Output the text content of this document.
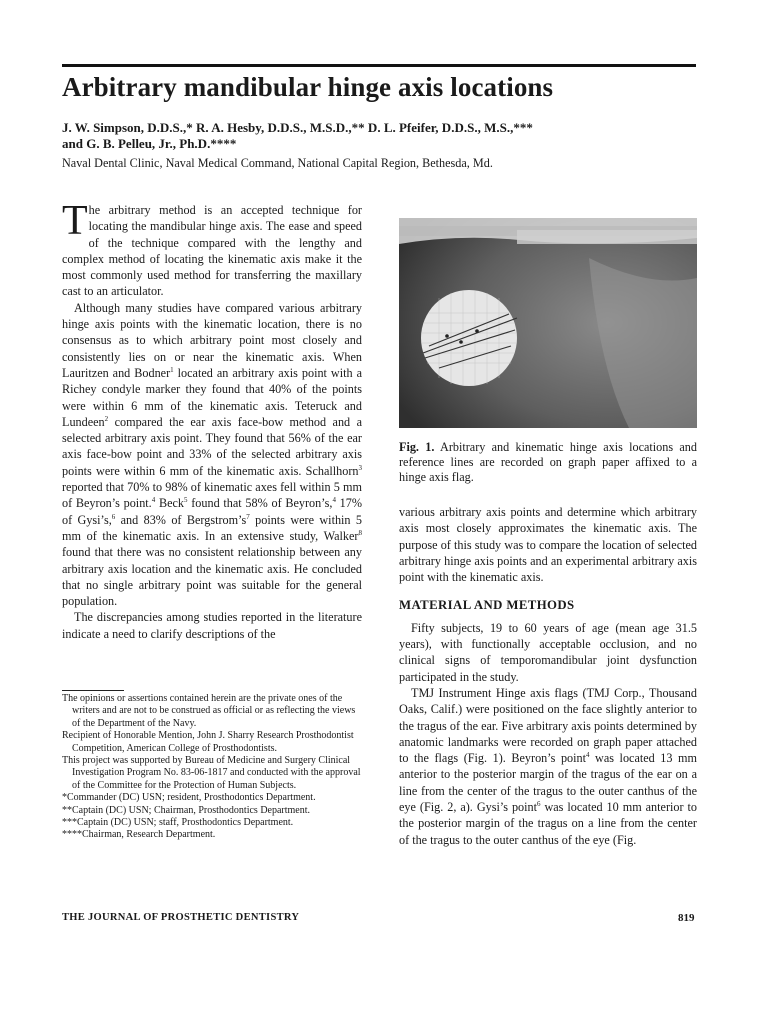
Arbitrary mandibular hinge axis locations
J. W. Simpson, D.D.S.,* R. A. Hesby, D.D.S., M.S.D.,** D. L. Pfeifer, D.D.S., M.S.,***
and G. B. Pelleu, Jr., Ph.D.****
Naval Dental Clinic, Naval Medical Command, National Capital Region, Bethesda, Md.

The arbitrary method is an accepted technique for locating the mandibular hinge axis. The ease and speed of the technique compared with the lengthy and complex method of locating the kinematic axis make it the most commonly used method for transferring the maxillary cast to an articulator.

Although many studies have compared various arbitrary hinge axis points with the kinematic location, there is no consensus as to which arbitrary point most closely and consistently lies on or near the kinematic axis. When Lauritzen and Bodner$^1$ located an arbitrary axis point with a Richey condyle marker they found that 40% of the points were within 6 mm of the kinematic axis. Teteruck and Lundeen$^2$ compared the ear axis face-bow method and a selected arbitrary axis point. They found that 56% of the ear axis face-bow point and 33% of the selected arbitrary axis points were within 6 mm of the kinematic axis. Schallhorn$^3$ reported that 70% to 98% of kinematic axes fell within 5 mm of Beyron’s point.$^4$ Beck$^5$ found that 58% of Beyron’s,$^4$ 17% of Gysi’s,$^6$ and 83% of $Bergstrom’s^7$ points were within 5 mm of the kinematic axis. In an extensive study, Walker$^8$ found that there was no consistent relationship between any arbitrary axis location and the kinematic axis. He concluded that no single arbitrary point was suitable for the general population.

The discrepancies among studies reported in the literature indicate a need to clarify descriptions of the

Fig. 1. Arbitrary and kinematic hinge axis locations and reference lines are recorded on graph paper affixed to a hinge axis flag.

various arbitrary axis points and determine which arbitrary axis most closely approximates the kinematic axis. The purpose of this study was to compare the location of selected arbitrary hinge axis points and an experimental arbitrary axis point with the kinematic axis.

MATERIAL AND METHODS

Fifty subjects, 19 to 60 years of age (mean age 31.5 years), with functionally acceptable occlusion, and no clinical signs of temporomandibular joint dysfunction participated in the study.

TMJ Instrument Hinge axis flags (TMJ Corp., Thousand Oaks, Calif.) were positioned on the face slightly anterior to the tragus of the ear. Five arbitrary axis points determined by anatomic landmarks were recorded on graph paper attached to the flags (Fig. 1). Beyron’s point$^4$ was located 13 mm anterior to the posterior margin of the tragus of the ear on a line from the center of the tragus to the outer canthus of the eye (Fig. 2, a). Gysi’s point$^6$ was located 10 mm anterior to the posterior margin of the tragus on a line from the center of the tragus to the outer canthus of the eye (Fig.

The opinions or assertions contained herein are the private ones of the writers and are not to be construed as official or as reflecting the views of the Department of the Navy.

Recipient of Honorable Mention, John J. Sharry Research Prosthodontist Competition, American College of Prosthodontists.

This project was supported by Bureau of Medicine and Surgery Clinical Investigation Program No. 83-06-1817 and conducted with the approval of the Committee for the Protection of Human Subjects.

*Commander (DC) USN; resident, Prosthodontics Department.

**Captain (DC) USN; Chairman, Prosthodontics Department.

***Captain (DC) USN; staff, Prosthodontics Department.

****Chairman, Research Department.

THE JOURNAL OF PROSTHETIC DENTISTRY	819
